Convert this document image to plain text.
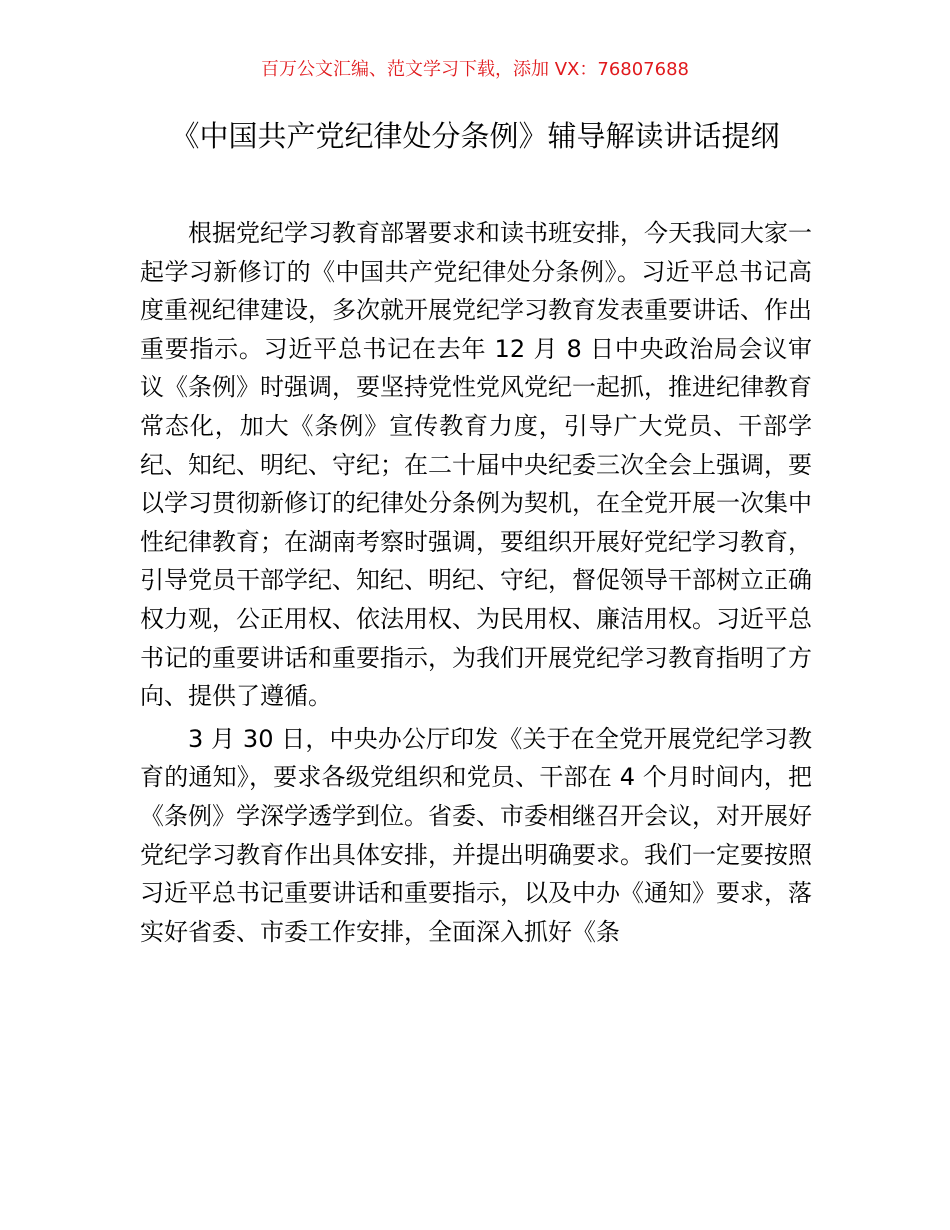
百万公文汇编、范文学习下载，添加 VX：76807688
《中国共产党纪律处分条例》辅导解读讲话提纲

根据党纪学习教育部署要求和读书班安排，今天我同大家一起学习新修订的《中国共产党纪律处分条例》。习近平总书记高度重视纪律建设，多次就开展党纪学习教育发表重要讲话、作出重要指示。习近平总书记在去年 12 月 8 日中央政治局会议审议《条例》时强调，要坚持党性党风党纪一起抓，推进纪律教育常态化，加大《条例》宣传教育力度，引导广大党员、干部学纪、知纪、明纪、守纪；在二十届中央纪委三次全会上强调，要以学习贯彻新修订的纪律处分条例为契机，在全党开展一次集中性纪律教育；在湖南考察时强调，要组织开展好党纪学习教育，引导党员干部学纪、知纪、明纪、守纪，督促领导干部树立正确权力观，公正用权、依法用权、为民用权、廉洁用权。习近平总书记的重要讲话和重要指示，为我们开展党纪学习教育指明了方向、提供了遵循。

3 月 30 日，中央办公厅印发《关于在全党开展党纪学习教育的通知》，要求各级党组织和党员、干部在 4 个月时间内，把《条例》学深学透学到位。省委、市委相继召开会议，对开展好党纪学习教育作出具体安排，并提出明确要求。我们一定要按照习近平总书记重要讲话和重要指示，以及中办《通知》要求，落实好省委、市委工作安排，全面深入抓好《条
